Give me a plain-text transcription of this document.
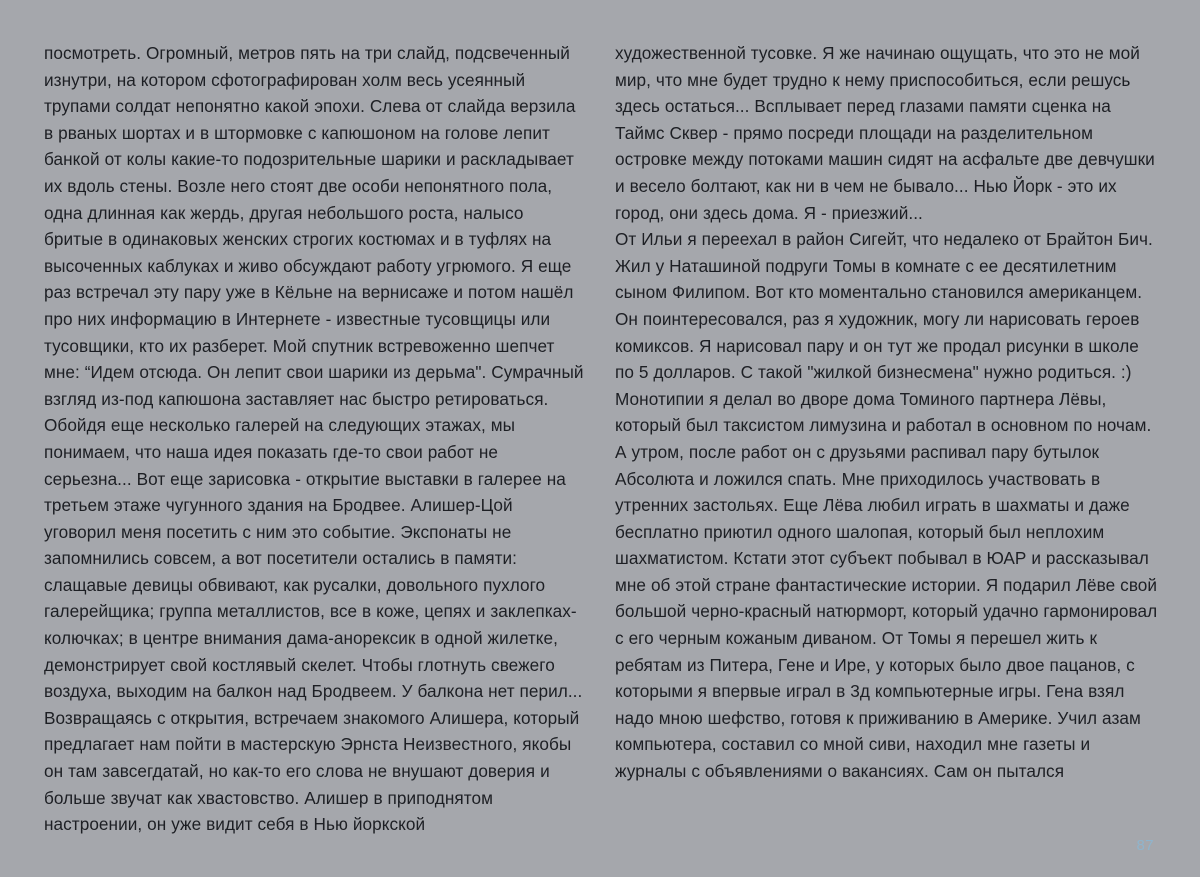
посмотреть. Огромный, метров пять на три слайд, подсвеченный изнутри, на котором сфотографирован холм весь усеянный трупами солдат непонятно какой эпохи. Слева от слайда верзила в рваных шортах и в штормовке с капюшоном на голове лепит банкой от колы какие-то подозрительные шарики и раскладывает их вдоль стены. Возле него стоят две особи непонятного пола, одна длинная как жердь, другая небольшого роста, налысо бритые в одинаковых женских строгих костюмах и в туфлях на высоченных каблуках и живо обсуждают работу угрюмого. Я еще раз встречал эту пару уже в Кёльне на вернисаже и потом нашёл про них информацию в Интернете - известные тусовщицы или тусовщики, кто их разберет. Мой спутник встревоженно шепчет мне: “Идем отсюда. Он лепит свои шарики из дерьма". Сумрачный взгляд из-под капюшона заставляет нас быстро ретироваться. Обойдя еще несколько галерей на следующих этажах, мы понимаем, что наша идея показать где-то свои работ не серьезна... Вот еще зарисовка - открытие выставки в галерее на третьем этаже чугунного здания на Бродвее. Алишер-Цой уговорил меня посетить с ним это событие. Экспонаты не запомнились совсем, а вот посетители остались в памяти: слащавые девицы обвивают, как русалки, довольного пухлого галерейщика; группа металлистов, все в коже, цепях и заклепках-колючках; в центре внимания дама-анорексик в одной жилетке, демонстрирует свой костлявый скелет. Чтобы глотнуть свежего воздуха, выходим на балкон над Бродвеем. У балкона нет перил... Возвращаясь с открытия, встречаем знакомого Алишера, который предлагает нам пойти в мастерскую Эрнста Неизвестного, якобы он там завсегдатай, но как-то его слова не внушают доверия и больше звучат как хвастовство. Алишер в приподнятом настроении, он уже видит себя в Нью йоркской

художественной тусовке. Я же начинаю ощущать, что это не мой мир, что мне будет трудно к нему приспособиться, если решусь здесь остаться... Всплывает перед глазами памяти сценка на Таймс Сквер - прямо посреди площади на разделительном островке между потоками машин сидят на асфальте две девчушки и весело болтают, как ни в чем не бывало... Нью Йорк - это их город, они здесь дома. Я - приезжий...

От Ильи я переехал в район Сигейт, что недалеко от Брайтон Бич. Жил у Наташиной подруги Томы в комнате с ее десятилетним сыном Филипом. Вот кто моментально становился американцем. Он поинтересовался, раз я художник, могу ли нарисовать героев комиксов. Я нарисовал пару и он тут же продал рисунки в школе по 5 долларов. С такой "жилкой бизнесмена" нужно родиться. :)

Монотипии я делал во дворе дома Томиного партнера Лёвы, который был таксистом лимузина и работал в основном по ночам. А утром, после работ он с друзьями распивал пару бутылок Абсолюта и ложился спать. Мне приходилось участвовать в утренних застольях. Еще Лёва любил играть в шахматы и даже бесплатно приютил одного шалопая, который был неплохим шахматистом. Кстати этот субъект побывал в ЮАР и рассказывал мне об этой стране фантастические истории. Я подарил Лёве свой большой черно-красный натюрморт, который удачно гармонировал с его черным кожаным диваном. От Томы я перешел жить к ребятам из Питера, Гене и Ире, у которых было двое пацанов, с которыми я впервые играл в 3д компьютерные игры. Гена взял надо мною шефство, готовя к приживанию в Америке. Учил азам компьютера, составил со мной сиви, находил мне газеты и журналы с объявлениями о вакансиях. Сам он пытался

87
